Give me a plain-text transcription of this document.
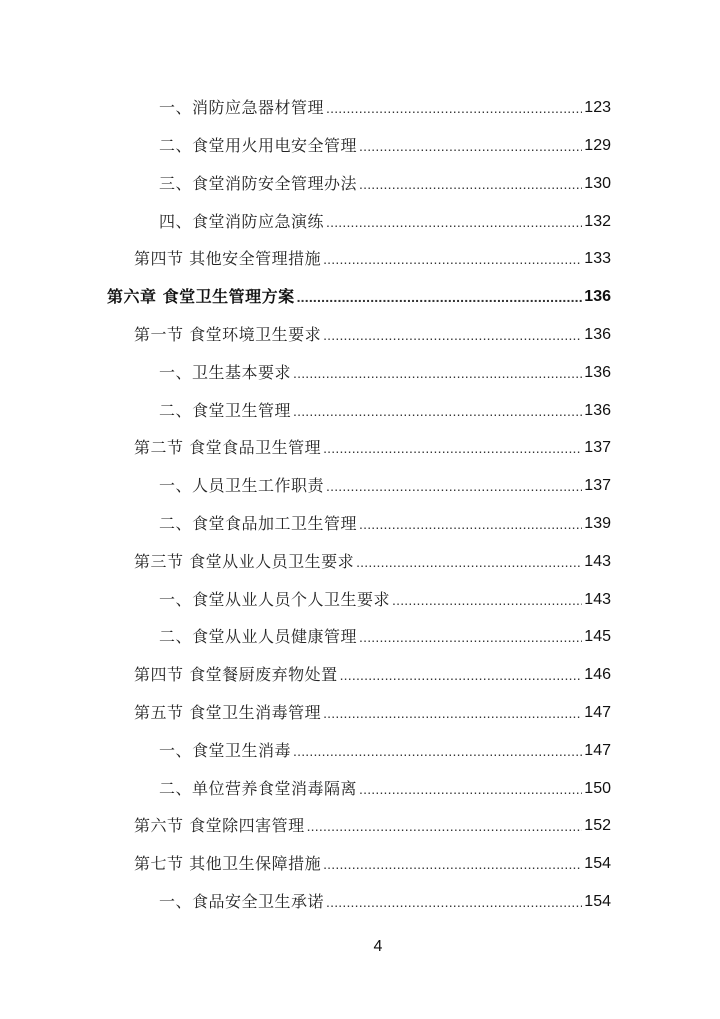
一、消防应急器材管理 .....	123
二、食堂用火用电安全管理 .....	129
三、食堂消防安全管理办法 .....	130
四、食堂消防应急演练 .....	132
第四节 其他安全管理措施 .....	133
第六章 食堂卫生管理方案 .....	136
第一节 食堂环境卫生要求 .....	136
一、卫生基本要求 .....	136
二、食堂卫生管理 .....	136
第二节 食堂食品卫生管理 .....	137
一、人员卫生工作职责 .....	137
二、食堂食品加工卫生管理 .....	139
第三节 食堂从业人员卫生要求 .....	143
一、食堂从业人员个人卫生要求 .....	143
二、食堂从业人员健康管理 .....	145
第四节 食堂餐厨废弃物处置 .....	146
第五节 食堂卫生消毒管理 .....	147
一、食堂卫生消毒 .....	147
二、单位营养食堂消毒隔离 .....	150
第六节 食堂除四害管理 .....	152
第七节 其他卫生保障措施 .....	154
一、食品安全卫生承诺 .....	154
4
